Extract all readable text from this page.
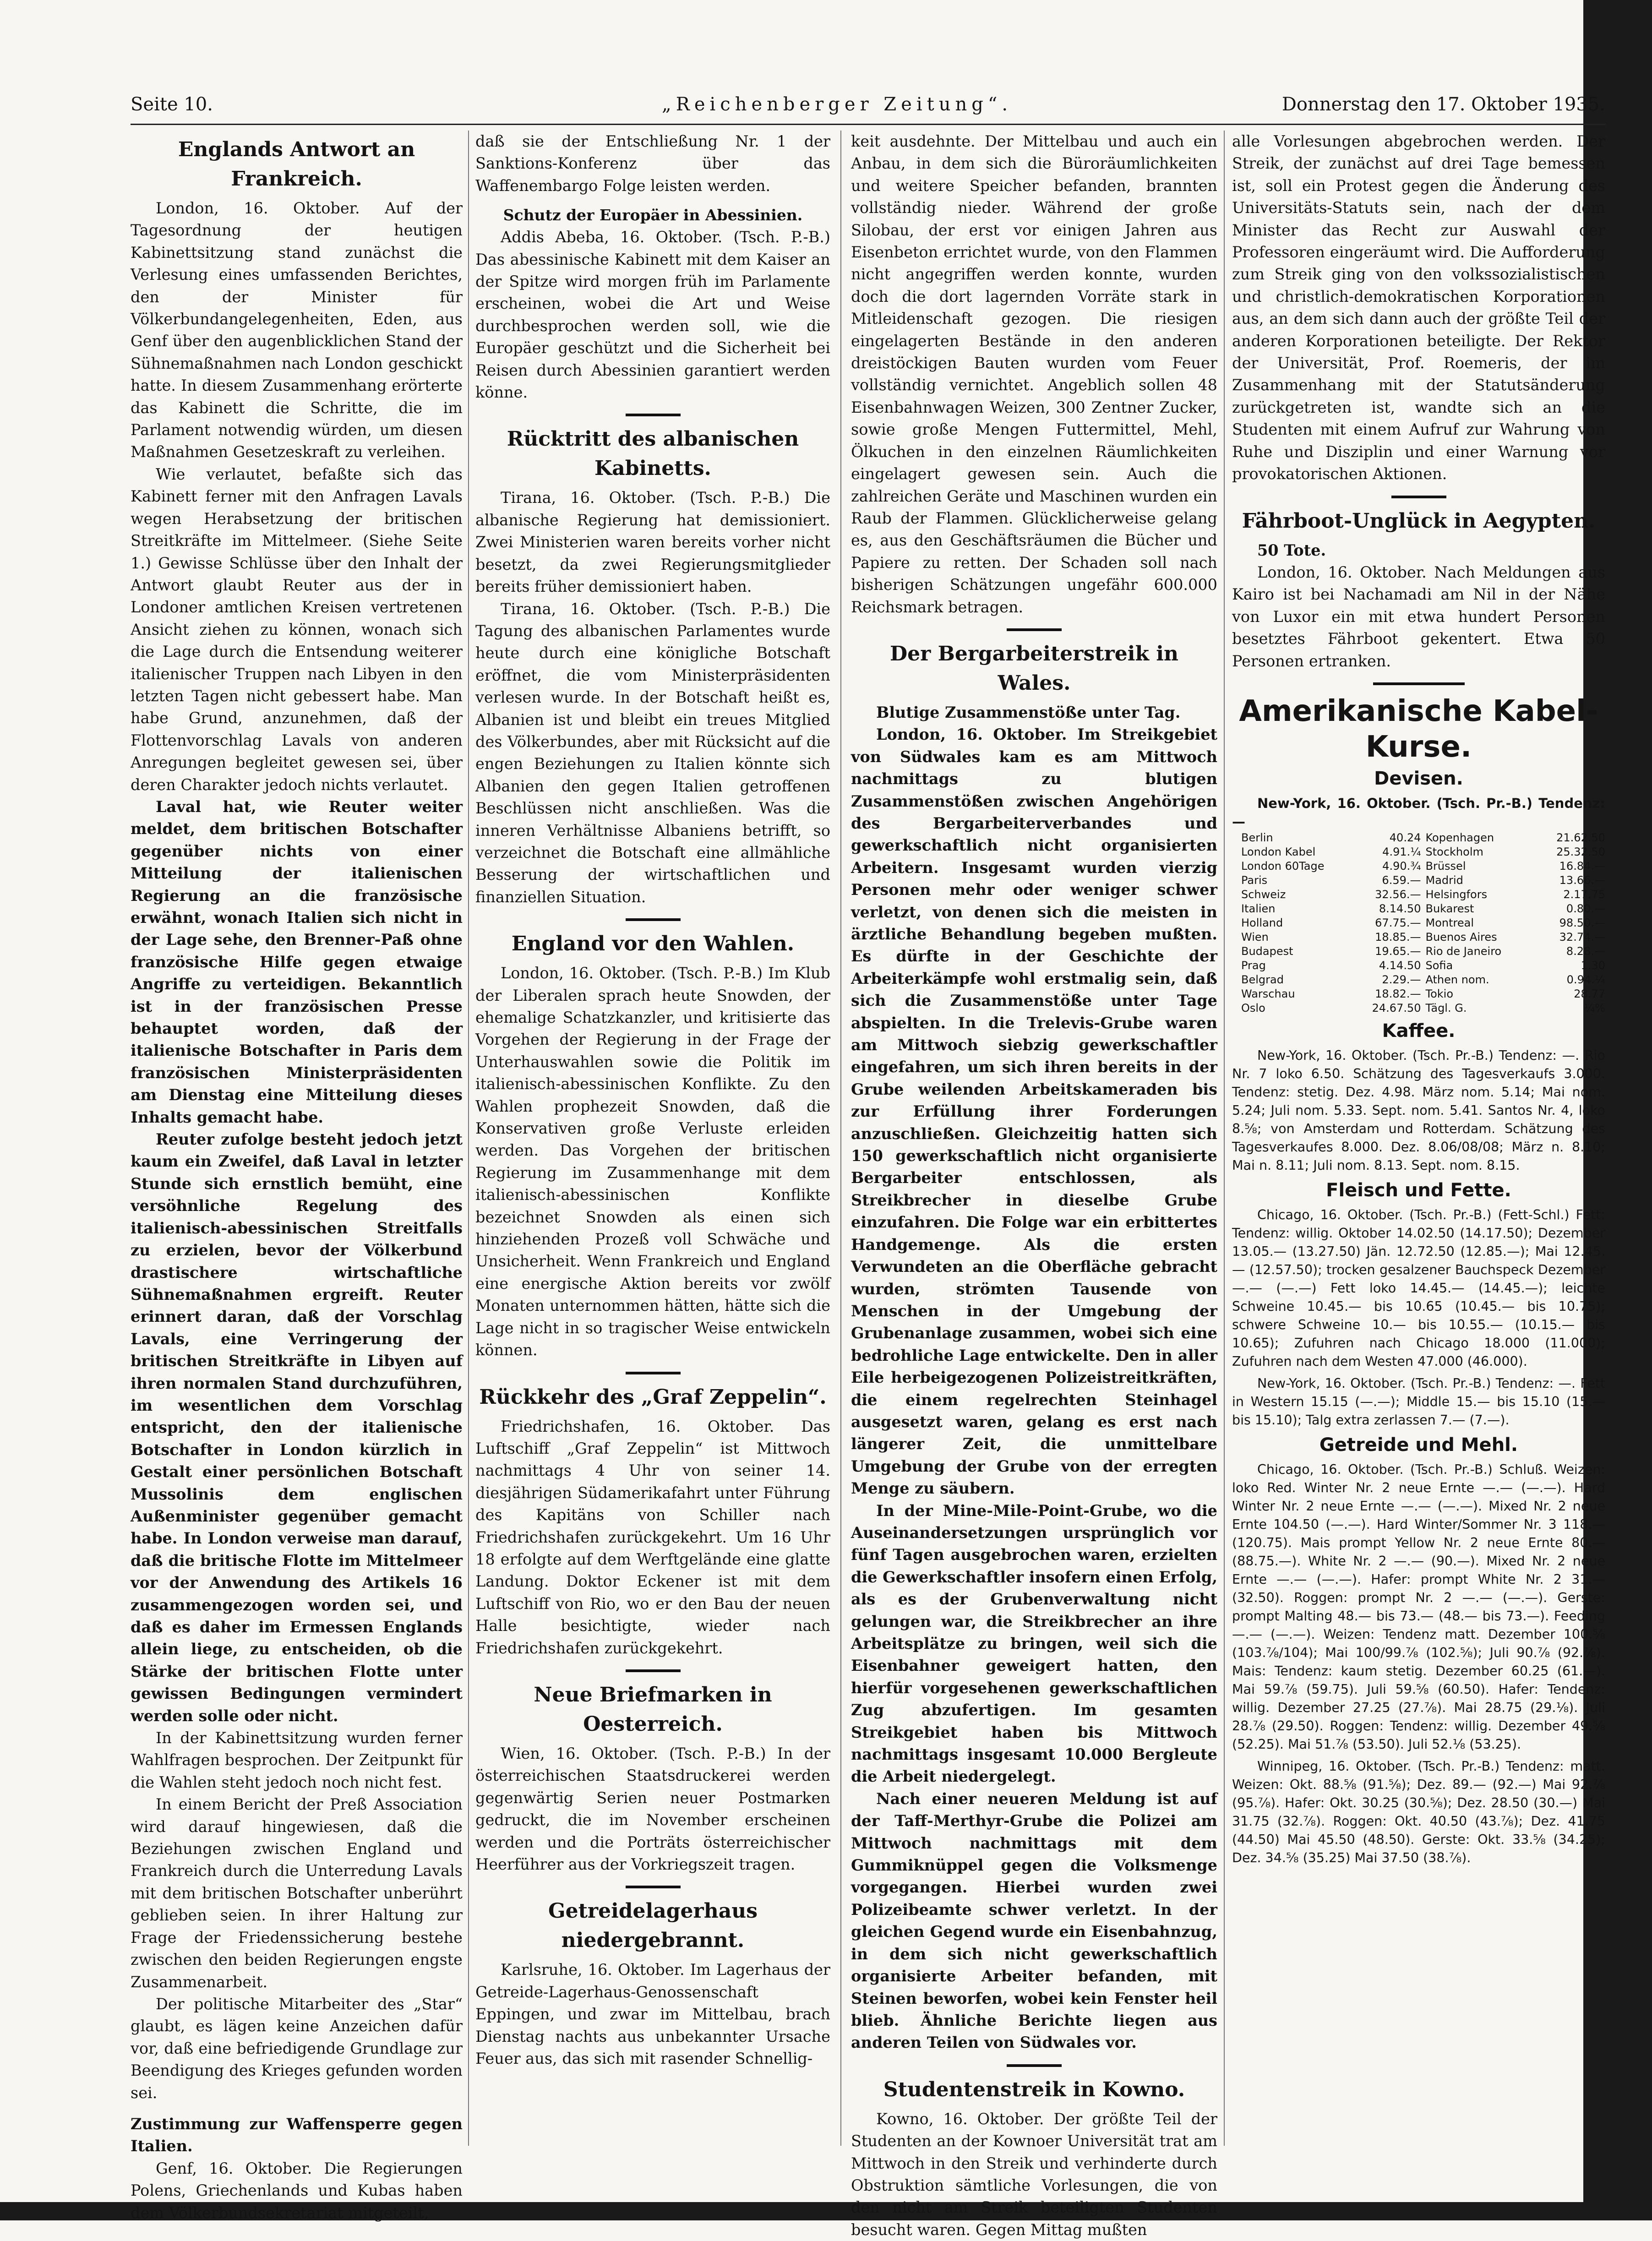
Seite 10.	„Reichenberger Zeitung“.	Donnerstag den 17. Oktober 1935.
Englands Antwort an Frankreich.

London, 16. Oktober. Auf der Tagesordnung der heutigen Kabinettsitzung stand zunächst die Verlesung eines umfassenden Berichtes, den der Minister für Völkerbundangelegenheiten, Eden, aus Genf über den augenblicklichen Stand der Sühnemaßnahmen nach London geschickt hatte. In diesem Zusammenhang erörterte das Kabinett die Schritte, die im Parlament notwendig würden, um diesen Maßnahmen Gesetzeskraft zu verleihen.

Wie verlautet, befaßte sich das Kabinett ferner mit den Anfragen Lavals wegen Herabsetzung der britischen Streitkräfte im Mittelmeer. (Siehe Seite 1.) Gewisse Schlüsse über den Inhalt der Antwort glaubt Reuter aus der in Londoner amtlichen Kreisen vertretenen Ansicht ziehen zu können, wonach sich die Lage durch die Entsendung weiterer italienischer Truppen nach Libyen in den letzten Tagen nicht gebessert habe. Man habe Grund, anzunehmen, daß der Flottenvorschlag Lavals von anderen Anregungen begleitet gewesen sei, über deren Charakter jedoch nichts verlautet.

Laval hat, wie Reuter weiter meldet, dem britischen Botschafter gegenüber nichts von einer Mitteilung der italienischen Regierung an die französische erwähnt, wonach Italien sich nicht in der Lage sehe, den Brenner-Paß ohne französische Hilfe gegen etwaige Angriffe zu verteidigen. Bekanntlich ist in der französischen Presse behauptet worden, daß der italienische Botschafter in Paris dem französischen Ministerpräsidenten am Dienstag eine Mitteilung dieses Inhalts gemacht habe.

Reuter zufolge besteht jedoch jetzt kaum ein Zweifel, daß Laval in letzter Stunde sich ernstlich bemüht, eine versöhnliche Regelung des italienisch-abessinischen Streitfalls zu erzielen, bevor der Völkerbund drastischere wirtschaftliche Sühnemaßnahmen ergreift. Reuter erinnert daran, daß der Vorschlag Lavals, eine Verringerung der britischen Streitkräfte in Libyen auf ihren normalen Stand durchzuführen, im wesentlichen dem Vorschlag entspricht, den der italienische Botschafter in London kürzlich in Gestalt einer persönlichen Botschaft Mussolinis dem englischen Außenminister gegenüber gemacht habe. In London verweise man darauf, daß die britische Flotte im Mittelmeer vor der Anwendung des Artikels 16 zusammengezogen worden sei, und daß es daher im Ermessen Englands allein liege, zu entscheiden, ob die Stärke der britischen Flotte unter gewissen Bedingungen vermindert werden solle oder nicht.

In der Kabinettsitzung wurden ferner Wahlfragen besprochen. Der Zeitpunkt für die Wahlen steht jedoch noch nicht fest.

In einem Bericht der Preß Association wird darauf hingewiesen, daß die Beziehungen zwischen England und Frankreich durch die Unterredung Lavals mit dem britischen Botschafter unberührt geblieben seien. In ihrer Haltung zur Frage der Friedenssicherung bestehe zwischen den beiden Regierungen engste Zusammenarbeit.

Der politische Mitarbeiter des „Star“ glaubt, es lägen keine Anzeichen dafür vor, daß eine befriedigende Grundlage zur Beendigung des Krieges gefunden worden sei.

Zustimmung zur Waffensperre gegen Italien.

Genf, 16. Oktober. Die Regierungen Polens, Griechenlands und Kubas haben dem Völkerbundsekretariat mitgeteilt,

daß sie der Entschließung Nr. 1 der Sanktions-Konferenz über das Waffenembargo Folge leisten werden.

Schutz der Europäer in Abessinien.

Addis Abeba, 16. Oktober. (Tsch. P.-B.) Das abessinische Kabinett mit dem Kaiser an der Spitze wird morgen früh im Parlamente erscheinen, wobei die Art und Weise durchbesprochen werden soll, wie die Europäer geschützt und die Sicherheit bei Reisen durch Abessinien garantiert werden könne.

Rücktritt des albanischen Kabinetts.

Tirana, 16. Oktober. (Tsch. P.-B.) Die albanische Regierung hat demissioniert. Zwei Ministerien waren bereits vorher nicht besetzt, da zwei Regierungsmitglieder bereits früher demissioniert haben.

Tirana, 16. Oktober. (Tsch. P.-B.) Die Tagung des albanischen Parlamentes wurde heute durch eine königliche Botschaft eröffnet, die vom Ministerpräsidenten verlesen wurde. In der Botschaft heißt es, Albanien ist und bleibt ein treues Mitglied des Völkerbundes, aber mit Rücksicht auf die engen Beziehungen zu Italien könnte sich Albanien den gegen Italien getroffenen Beschlüssen nicht anschließen. Was die inneren Verhältnisse Albaniens betrifft, so verzeichnet die Botschaft eine allmähliche Besserung der wirtschaftlichen und finanziellen Situation.

England vor den Wahlen.

London, 16. Oktober. (Tsch. P.-B.) Im Klub der Liberalen sprach heute Snowden, der ehemalige Schatzkanzler, und kritisierte das Vorgehen der Regierung in der Frage der Unterhauswahlen sowie die Politik im italienisch-abessinischen Konflikte. Zu den Wahlen prophezeit Snowden, daß die Konservativen große Verluste erleiden werden. Das Vorgehen der britischen Regierung im Zusammenhange mit dem italienisch-abessinischen Konflikte bezeichnet Snowden als einen sich hinziehenden Prozeß voll Schwäche und Unsicherheit. Wenn Frankreich und England eine energische Aktion bereits vor zwölf Monaten unternommen hätten, hätte sich die Lage nicht in so tragischer Weise entwickeln können.

Rückkehr des „Graf Zeppelin“.

Friedrichshafen, 16. Oktober. Das Luftschiff „Graf Zeppelin“ ist Mittwoch nachmittags 4 Uhr von seiner 14. diesjährigen Südamerikafahrt unter Führung des Kapitäns von Schiller nach Friedrichshafen zurückgekehrt. Um 16 Uhr 18 erfolgte auf dem Werftgelände eine glatte Landung. Doktor Eckener ist mit dem Luftschiff von Rio, wo er den Bau der neuen Halle besichtigte, wieder nach Friedrichshafen zurückgekehrt.

Neue Briefmarken in Oesterreich.

Wien, 16. Oktober. (Tsch. P.-B.) In der österreichischen Staatsdruckerei werden gegenwärtig Serien neuer Postmarken gedruckt, die im November erscheinen werden und die Porträts österreichischer Heerführer aus der Vorkriegszeit tragen.

Getreidelagerhaus niedergebrannt.

Karlsruhe, 16. Oktober. Im Lagerhaus der Getreide-Lagerhaus-Genossenschaft Eppingen, und zwar im Mittelbau, brach Dienstag nachts aus unbekannter Ursache Feuer aus, das sich mit rasender Schnellig-

keit ausdehnte. Der Mittelbau und auch ein Anbau, in dem sich die Büroräumlichkeiten und weitere Speicher befanden, brannten vollständig nieder. Während der große Silobau, der erst vor einigen Jahren aus Eisenbeton errichtet wurde, von den Flammen nicht angegriffen werden konnte, wurden doch die dort lagernden Vorräte stark in Mitleidenschaft gezogen. Die riesigen eingelagerten Bestände in den anderen dreistöckigen Bauten wurden vom Feuer vollständig vernichtet. Angeblich sollen 48 Eisenbahnwagen Weizen, 300 Zentner Zucker, sowie große Mengen Futtermittel, Mehl, Ölkuchen in den einzelnen Räumlichkeiten eingelagert gewesen sein. Auch die zahlreichen Geräte und Maschinen wurden ein Raub der Flammen. Glücklicherweise gelang es, aus den Geschäftsräumen die Bücher und Papiere zu retten. Der Schaden soll nach bisherigen Schätzungen ungefähr 600.000 Reichsmark betragen.

Der Bergarbeiterstreik in Wales.

Blutige Zusammenstöße unter Tag.

London, 16. Oktober. Im Streikgebiet von Südwales kam es am Mittwoch nachmittags zu blutigen Zusammenstößen zwischen Angehörigen des Bergarbeiterverbandes und gewerkschaftlich nicht organisierten Arbeitern. Insgesamt wurden vierzig Personen mehr oder weniger schwer verletzt, von denen sich die meisten in ärztliche Behandlung begeben mußten. Es dürfte in der Geschichte der Arbeiterkämpfe wohl erstmalig sein, daß sich die Zusammenstöße unter Tage abspielten. In die Trelevis-Grube waren am Mittwoch siebzig gewerkschaftler eingefahren, um sich ihren bereits in der Grube weilenden Arbeitskameraden bis zur Erfüllung ihrer Forderungen anzuschließen. Gleichzeitig hatten sich 150 gewerkschaftlich nicht organisierte Bergarbeiter entschlossen, als Streikbrecher in dieselbe Grube einzufahren. Die Folge war ein erbittertes Handgemenge. Als die ersten Verwundeten an die Oberfläche gebracht wurden, strömten Tausende von Menschen in der Umgebung der Grubenanlage zusammen, wobei sich eine bedrohliche Lage entwickelte. Den in aller Eile herbeigezogenen Polizeistreitkräften, die einem regelrechten Steinhagel ausgesetzt waren, gelang es erst nach längerer Zeit, die unmittelbare Umgebung der Grube von der erregten Menge zu säubern.

In der Mine-Mile-Point-Grube, wo die Auseinandersetzungen ursprünglich vor fünf Tagen ausgebrochen waren, erzielten die Gewerkschaftler insofern einen Erfolg, als es der Grubenverwaltung nicht gelungen war, die Streikbrecher an ihre Arbeitsplätze zu bringen, weil sich die Eisenbahner geweigert hatten, den hierfür vorgesehenen gewerkschaftlichen Zug abzufertigen. Im gesamten Streikgebiet haben bis Mittwoch nachmittags insgesamt 10.000 Bergleute die Arbeit niedergelegt.

Nach einer neueren Meldung ist auf der Taff-Merthyr-Grube die Polizei am Mittwoch nachmittags mit dem Gummiknüppel gegen die Volksmenge vorgegangen. Hierbei wurden zwei Polizeibeamte schwer verletzt. In der gleichen Gegend wurde ein Eisenbahnzug, in dem sich nicht gewerkschaftlich organisierte Arbeiter befanden, mit Steinen beworfen, wobei kein Fenster heil blieb. Ähnliche Berichte liegen aus anderen Teilen von Südwales vor.

Studentenstreik in Kowno.

Kowno, 16. Oktober. Der größte Teil der Studenten an der Kownoer Universität trat am Mittwoch in den Streik und verhinderte durch Obstruktion sämtliche Vorlesungen, die von den nicht am Streik beteiligten Studenten besucht waren. Gegen Mittag mußten

alle Vorlesungen abgebrochen werden. Der Streik, der zunächst auf drei Tage bemessen ist, soll ein Protest gegen die Änderung des Universitäts-Statuts sein, nach der dem Minister das Recht zur Auswahl der Professoren eingeräumt wird. Die Aufforderung zum Streik ging von den volkssozialistischen und christlich-demokratischen Korporationen aus, an dem sich dann auch der größte Teil der anderen Korporationen beteiligte. Der Rektor der Universität, Prof. Roemeris, der im Zusammenhang mit der Statutsänderung zurückgetreten ist, wandte sich an die Studenten mit einem Aufruf zur Wahrung von Ruhe und Disziplin und einer Warnung vor provokatorischen Aktionen.

Fährboot-Unglück in Aegypten.

50 Tote.

London, 16. Oktober. Nach Meldungen aus Kairo ist bei Nachamadi am Nil in der Nähe von Luxor ein mit etwa hundert Personen besetztes Fährboot gekentert. Etwa 50 Personen ertranken.

Amerikanische Kabel-Kurse.
Devisen.

New-York, 16. Oktober. (Tsch. Pr.-B.) Tendenz: —

Berlin	40.24 Kopenhagen	21.62.50
London Kabel	4.91.¼ Stockholm	25.32.50
London 60Tage	4.90.¾ Brüssel	16.84.—
Paris	6.59.— Madrid	13.66.—
Schweiz	32.56.— Helsingfors	2.17.75
Italien	8.14.50 Bukarest	0.80.—
Holland	67.75.— Montreal	98.50.—
Wien	18.85.— Buenos Aires	32.74.—
Budapest	19.65.— Rio de Janeiro	8.28.—
Prag	4.14.50 Sofia	1.30
Belgrad	2.29.— Athen nom.	0.94.¼
Warschau	18.82.— Tokio	28.77
Oslo	24.67.50 Tägl. G.	¼%
Kaffee.

New-York, 16. Oktober. (Tsch. Pr.-B.) Tendenz: —. Rio Nr. 7 loko 6.50. Schätzung des Tagesverkaufs 3.000. Tendenz: stetig. Dez. 4.98. März nom. 5.14; Mai nom. 5.24; Juli nom. 5.33. Sept. nom. 5.41. Santos Nr. 4, loko 8.⅝; von Amsterdam und Rotterdam. Schätzung des Tagesverkaufes 8.000. Dez. 8.06/08/08; März n. 8.10; Mai n. 8.11; Juli nom. 8.13. Sept. nom. 8.15.

Fleisch und Fette.

Chicago, 16. Oktober. (Tsch. Pr.-B.) (Fett-Schl.) Fett: Tendenz: willig. Oktober 14.02.50 (14.17.50); Dezember 13.05.— (13.27.50) Jän. 12.72.50 (12.85.—); Mai 12.45.— (12.57.50); trocken gesalzener Bauchspeck Dezember —.— (—.—) Fett loko 14.45.— (14.45.—); leichte Schweine 10.45.— bis 10.65 (10.45.— bis 10.75); schwere Schweine 10.— bis 10.55.— (10.15.— bis 10.65); Zufuhren nach Chicago 18.000 (11.000); Zufuhren nach dem Westen 47.000 (46.000).

New-York, 16. Oktober. (Tsch. Pr.-B.) Tendenz: —. Fett in Western 15.15 (—.—); Middle 15.— bis 15.10 (15.— bis 15.10); Talg extra zerlassen 7.— (7.—).

Getreide und Mehl.

Chicago, 16. Oktober. (Tsch. Pr.-B.) Schluß. Weizen: loko Red. Winter Nr. 2 neue Ernte —.— (—.—). Hard Winter Nr. 2 neue Ernte —.— (—.—). Mixed Nr. 2 neue Ernte 104.50 (—.—). Hard Winter/Sommer Nr. 3 118.— (120.75). Mais prompt Yellow Nr. 2 neue Ernte 80.— (88.75.—). White Nr. 2 —.— (90.—). Mixed Nr. 2 neue Ernte —.— (—.—). Hafer: prompt White Nr. 2 31.— (32.50). Roggen: prompt Nr. 2 —.— (—.—). Gerste: prompt Malting 48.— bis 73.— (48.— bis 73.—). Feeding —.— (—.—). Weizen: Tendenz matt. Dezember 100.⅝ (103.⅞/104); Mai 100/99.⅞ (102.⅝); Juli 90.⅞ (92.⅞). Mais: Tendenz: kaum stetig. Dezember 60.25 (61.—). Mai 59.⅞ (59.75). Juli 59.⅝ (60.50). Hafer: Tendenz: willig. Dezember 27.25 (27.⅞). Mai 28.75 (29.⅛). Juli 28.⅞ (29.50). Roggen: Tendenz: willig. Dezember 49.⅝ (52.25). Mai 51.⅞ (53.50). Juli 52.⅛ (53.25).

Winnipeg, 16. Oktober. (Tsch. Pr.-B.) Tendenz: matt. Weizen: Okt. 88.⅝ (91.⅝); Dez. 89.— (92.—) Mai 92.⅞ (95.⅞). Hafer: Okt. 30.25 (30.⅝); Dez. 28.50 (30.—) Mai 31.75 (32.⅞). Roggen: Okt. 40.50 (43.⅞); Dez. 41.75 (44.50) Mai 45.50 (48.50). Gerste: Okt. 33.⅝ (34.25); Dez. 34.⅝ (35.25) Mai 37.50 (38.⅞).
